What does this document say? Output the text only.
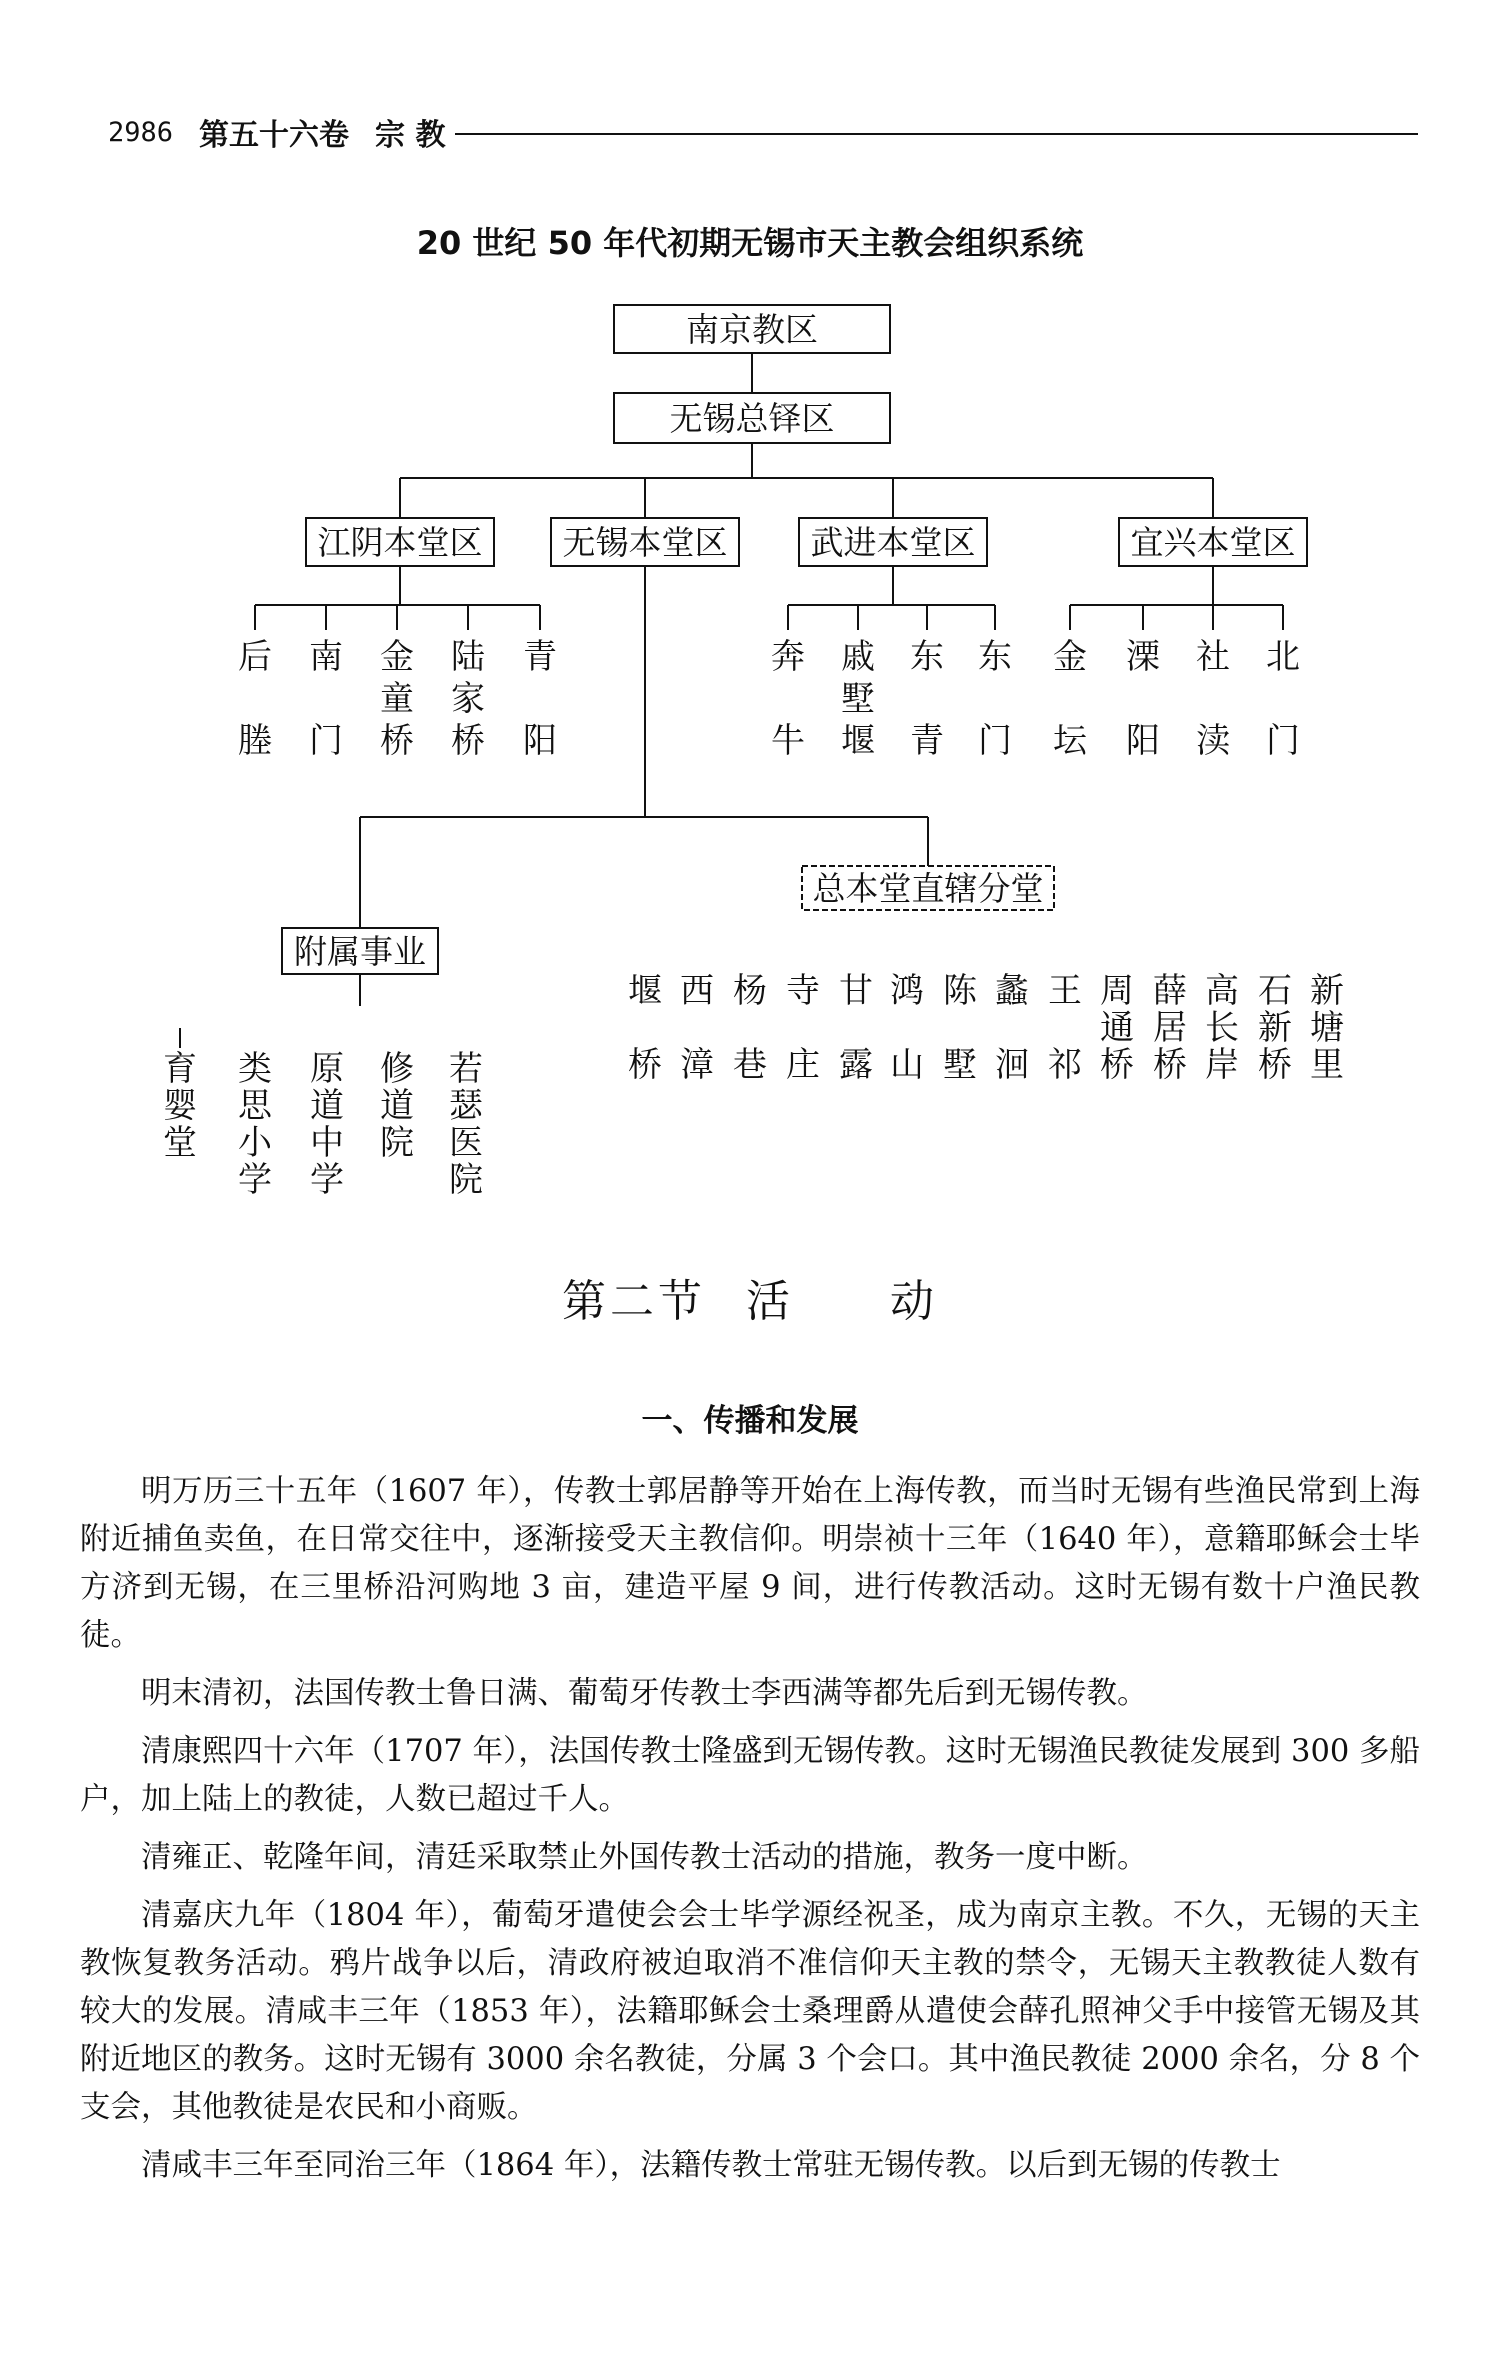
2986 第五十六卷 宗 教
20 世纪 50 年代初期无锡市天主教会组织系统
南京教区
无锡总铎区
江阴本堂区 无锡本堂区	武进本堂区	宜兴本堂区
后
塍
南
门
金
童
桥
陆
家
桥
青
阳
奔
牛
戚
墅
堰
东
青
东
门
金
坛
溧
阳
社
渎
北
门
附属事业
育
婴
堂
类
思
小
学
原
道
中
学
修
道
院
若
瑟
医
院
总本堂直辖分堂
堰
桥
西
漳
杨
巷
寺
庄
甘
露
鸿
山
陈
墅
蠡
洄
王
祁
周
通
桥
薛
居
桥
高
长
岸
石
新
桥
新
塘
里
第二节 活　　动
一、传播和发展

明万历三十五年（1607 年），传教士郭居静等开始在上海传教，而当时无锡有些渔民常到上海附近捕鱼卖鱼，在日常交往中，逐渐接受天主教信仰。明崇祯十三年（1640 年），意籍耶稣会士毕方济到无锡，在三里桥沿河购地 3 亩，建造平屋 9 间，进行传教活动。这时无锡有数十户渔民教徒。

明末清初，法国传教士鲁日满、葡萄牙传教士李西满等都先后到无锡传教。

清康熙四十六年（1707 年），法国传教士隆盛到无锡传教。这时无锡渔民教徒发展到 300 多船户，加上陆上的教徒，人数已超过千人。

清雍正、乾隆年间，清廷采取禁止外国传教士活动的措施，教务一度中断。

清嘉庆九年（1804 年），葡萄牙遣使会会士毕学源经祝圣，成为南京主教。不久，无锡的天主教恢复教务活动。鸦片战争以后，清政府被迫取消不准信仰天主教的禁令，无锡天主教教徒人数有较大的发展。清咸丰三年（1853 年），法籍耶稣会士桑理爵从遣使会薛孔照神父手中接管无锡及其附近地区的教务。这时无锡有 3000 余名教徒，分属 3 个会口。其中渔民教徒 2000 余名，分 8 个支会，其他教徒是农民和小商贩。

清咸丰三年至同治三年（1864 年），法籍传教士常驻无锡传教。以后到无锡的传教士
